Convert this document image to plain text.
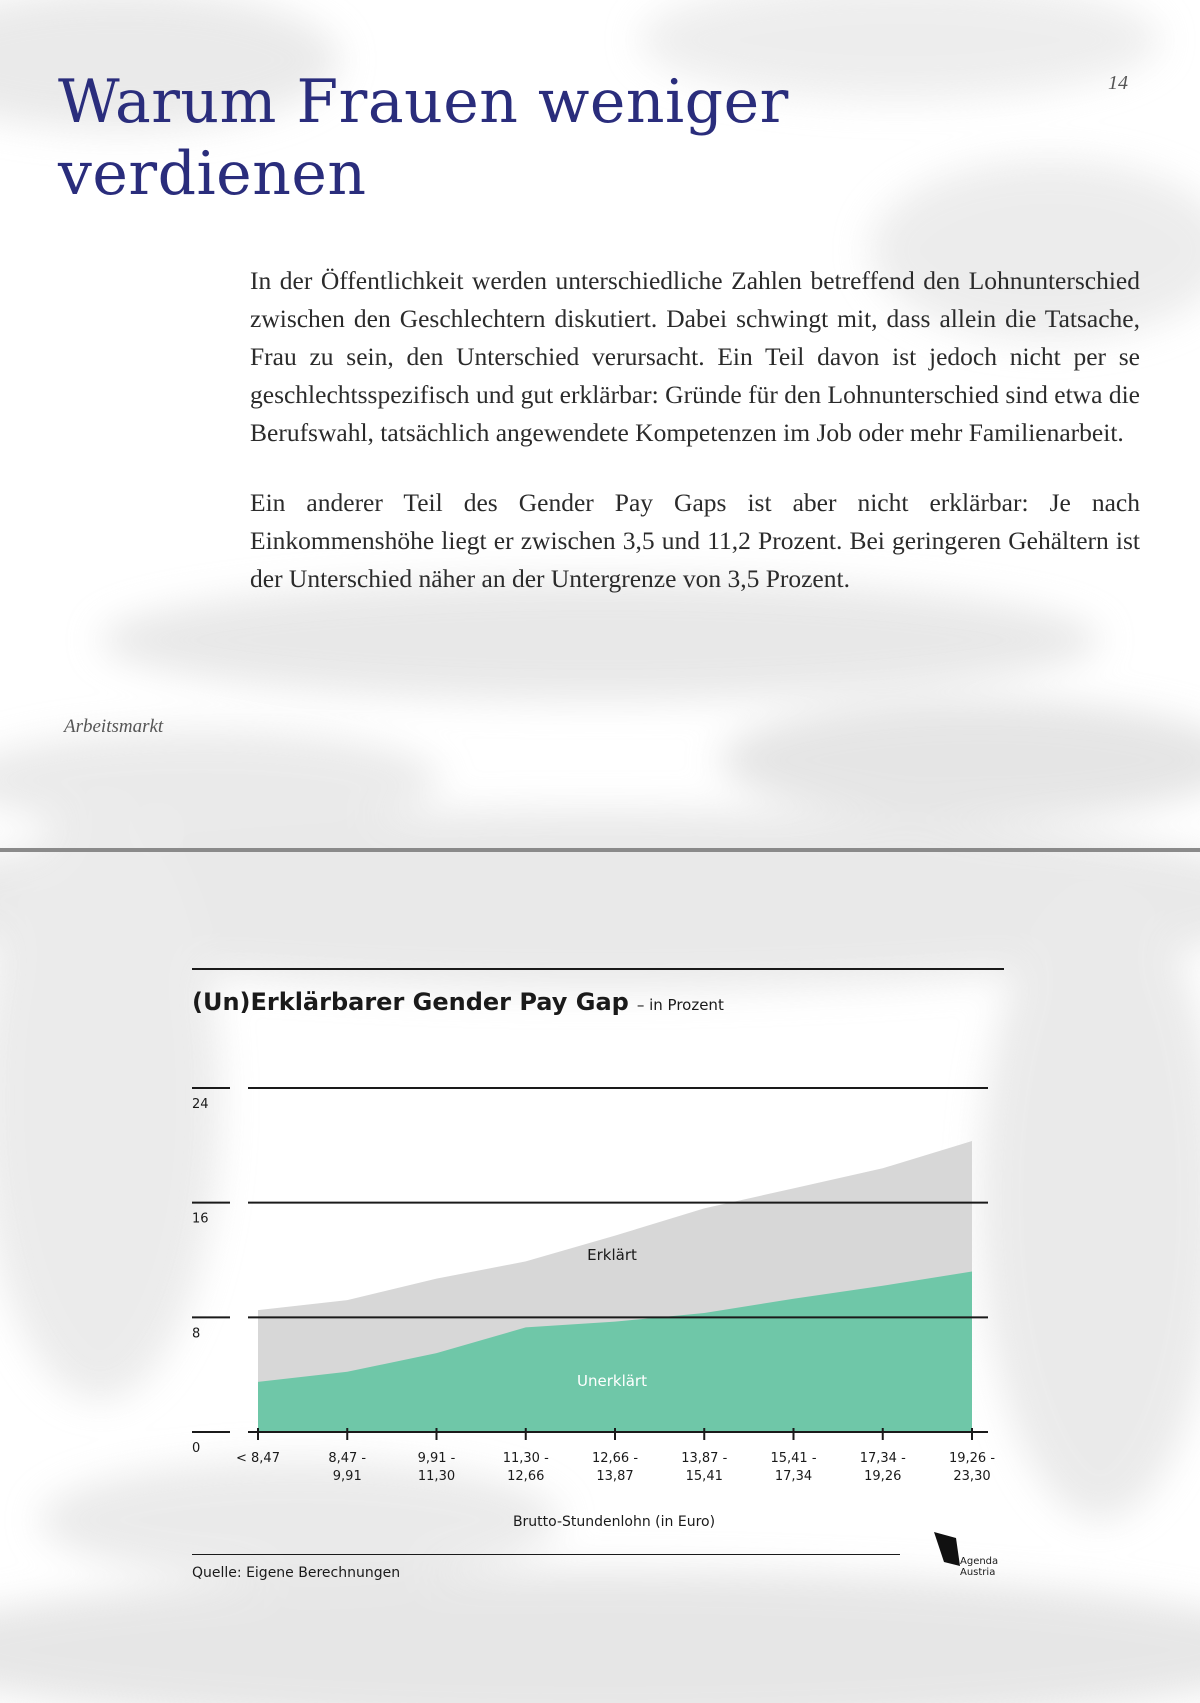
Warum Frauen weniger
verdienen
14

In der Öffentlichkeit werden unterschiedliche Zahlen betreffend den Lohnunterschied zwischen den Geschlechtern diskutiert. Dabei schwingt mit, dass allein die Tatsache, Frau zu sein, den Unterschied verursacht. Ein Teil davon ist jedoch nicht per se geschlechtsspezifisch und gut erklärbar: Gründe für den Lohnunterschied sind etwa die Berufswahl, tatsächlich angewendete Kompetenzen im Job oder mehr Familienarbeit.

Ein anderer Teil des Gender Pay Gaps ist aber nicht erklärbar: Je nach Einkommenshöhe liegt er zwischen 3,5 und 11,2 Prozent. Bei geringeren Gehältern ist der Unterschied näher an der Untergrenze von 3,5 Prozent.

Arbeitsmarkt
(Un)Erklärbarer Gender Pay Gap – in Prozent
0
8
16
24
< 8,47	8,47 -
9,91
9,91 -
11,30
11,30 -
12,66
12,66 -
13,87
13,87 -
15,41
15,41 -
17,34
17,34 -
19,26
19,26 -
23,30
Erklärt
Unerklärt
Brutto-Stundenlohn (in Euro)
Quelle: Eigene Berechnungen
Agenda
Austria
